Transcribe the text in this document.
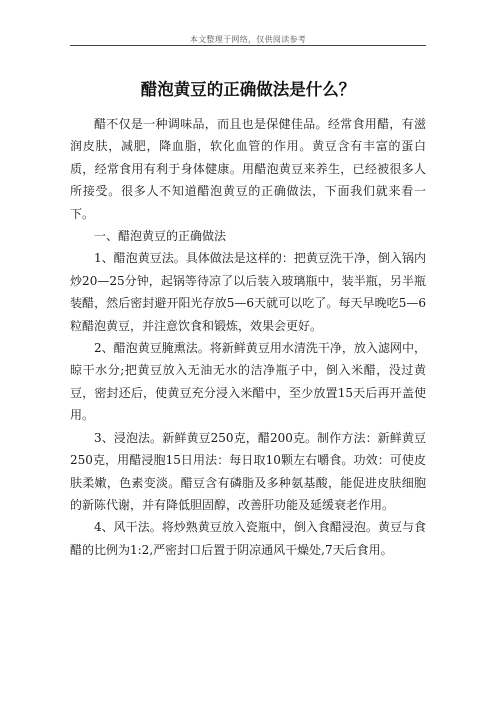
本文整理于网络，仅供阅读参考
醋泡黄豆的正确做法是什么？

醋不仅是一种调味品，而且也是保健佳品。经常食用醋，有滋润皮肤，减肥，降血脂，软化血管的作用。黄豆含有丰富的蛋白质，经常食用有利于身体健康。用醋泡黄豆来养生，已经被很多人所接受。很多人不知道醋泡黄豆的正确做法，下面我们就来看一下。

一、醋泡黄豆的正确做法

1、醋泡黄豆法。具体做法是这样的：把黄豆洗干净，倒入锅内炒20—25分钟，起锅等待凉了以后装入玻璃瓶中，装半瓶，另半瓶装醋，然后密封避开阳光存放5—6天就可以吃了。每天早晚吃5—6粒醋泡黄豆，并注意饮食和锻炼，效果会更好。

2、醋泡黄豆腌熏法。将新鲜黄豆用水清洗干净，放入滤网中，晾干水分;把黄豆放入无油无水的洁净瓶子中，倒入米醋，没过黄豆，密封还后，使黄豆充分浸入米醋中，至少放置15天后再开盖使用。

3、浸泡法。新鲜黄豆250克，醋200克。制作方法：新鲜黄豆250克，用醋浸胞15日用法：每日取10颗左右嚼食。功效：可使皮肤柔嫩，色素变淡。醋豆含有磷脂及多种氨基酸，能促进皮肤细胞的新陈代谢，并有降低胆固醇，改善肝功能及延缓衰老作用。

4、风干法。将炒熟黄豆放入瓷瓶中，倒入食醋浸泡。黄豆与食醋的比例为1:2,严密封口后置于阴凉通风干燥处,7天后食用。
